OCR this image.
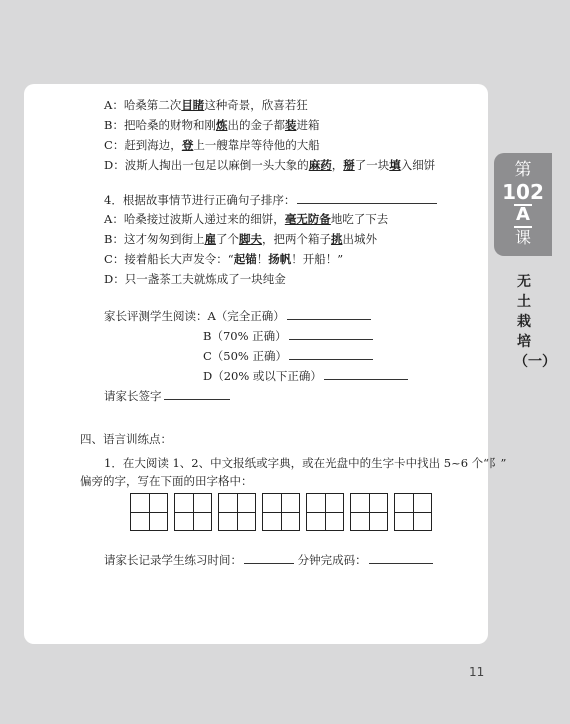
A：哈桑第二次目睹这种奇景，欣喜若狂
B：把哈桑的财物和刚炼出的金子都装进箱
C：赶到海边，登上一艘靠岸等待他的大船
D：波斯人掏出一包足以麻倒一头大象的麻药，掰了一块填入细饼
4．根据故事情节进行正确句子排序：
A：哈桑接过波斯人递过来的细饼，毫无防备地吃了下去
B：这才匆匆到街上雇了个脚夫，把两个箱子挑出城外
C：接着船长大声发令：“起锚！扬帆！开船！”
D：只一盏茶工夫就炼成了一块纯金
家长评测学生阅读：A（完全正确）
B（70% 正确）
C（50% 正确）
D（20% 或以下正确）
请家长签字
四、语言训练点：
1．在大阅读 1、2、中文报纸或字典，或在光盘中的生字卡中找出 5~6 个“阝”
偏旁的字，写在下面的田字格中：
请家长记录学生练习时间：	分钟完成码：
第
102
A
课
无土栽培（一）
11
